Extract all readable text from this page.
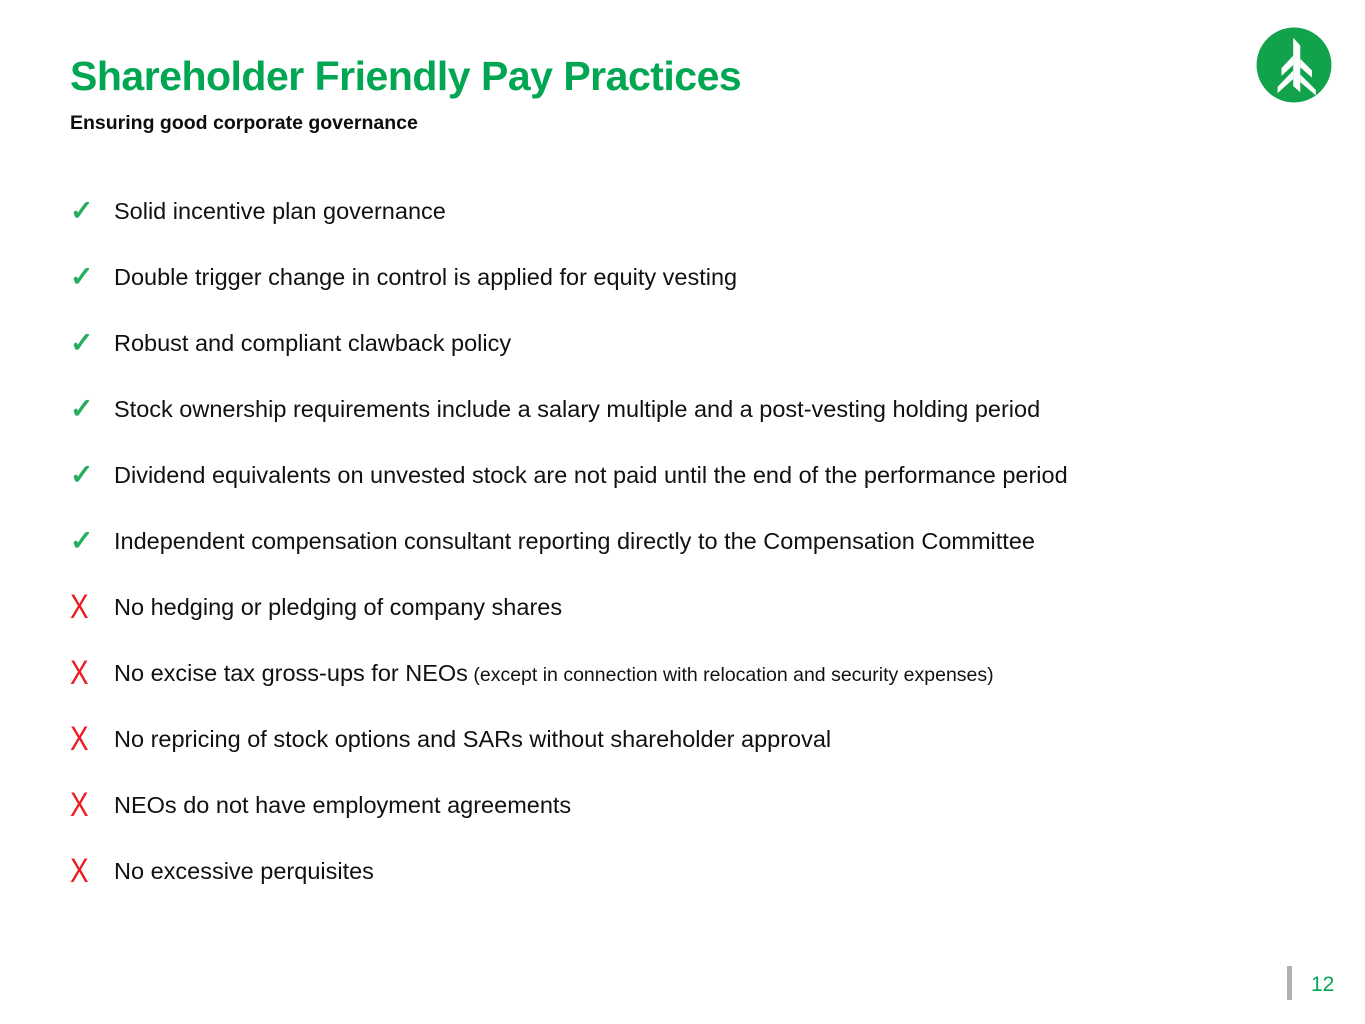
Shareholder Friendly Pay Practices
Ensuring good corporate governance
✓ Solid incentive plan governance
✓ Double trigger change in control is applied for equity vesting
✓ Robust and compliant clawback policy
✓ Stock ownership requirements include a salary multiple and a post-vesting holding period
✓ Dividend equivalents on unvested stock are not paid until the end of the performance period
✓ Independent compensation consultant reporting directly to the Compensation Committee
X	No hedging or pledging of company shares
X	No excise tax gross-ups for NEOs (except in connection with relocation and security expenses)
X	No repricing of stock options and SARs without shareholder approval
X	NEOs do not have employment agreements
X	No excessive perquisites
12
